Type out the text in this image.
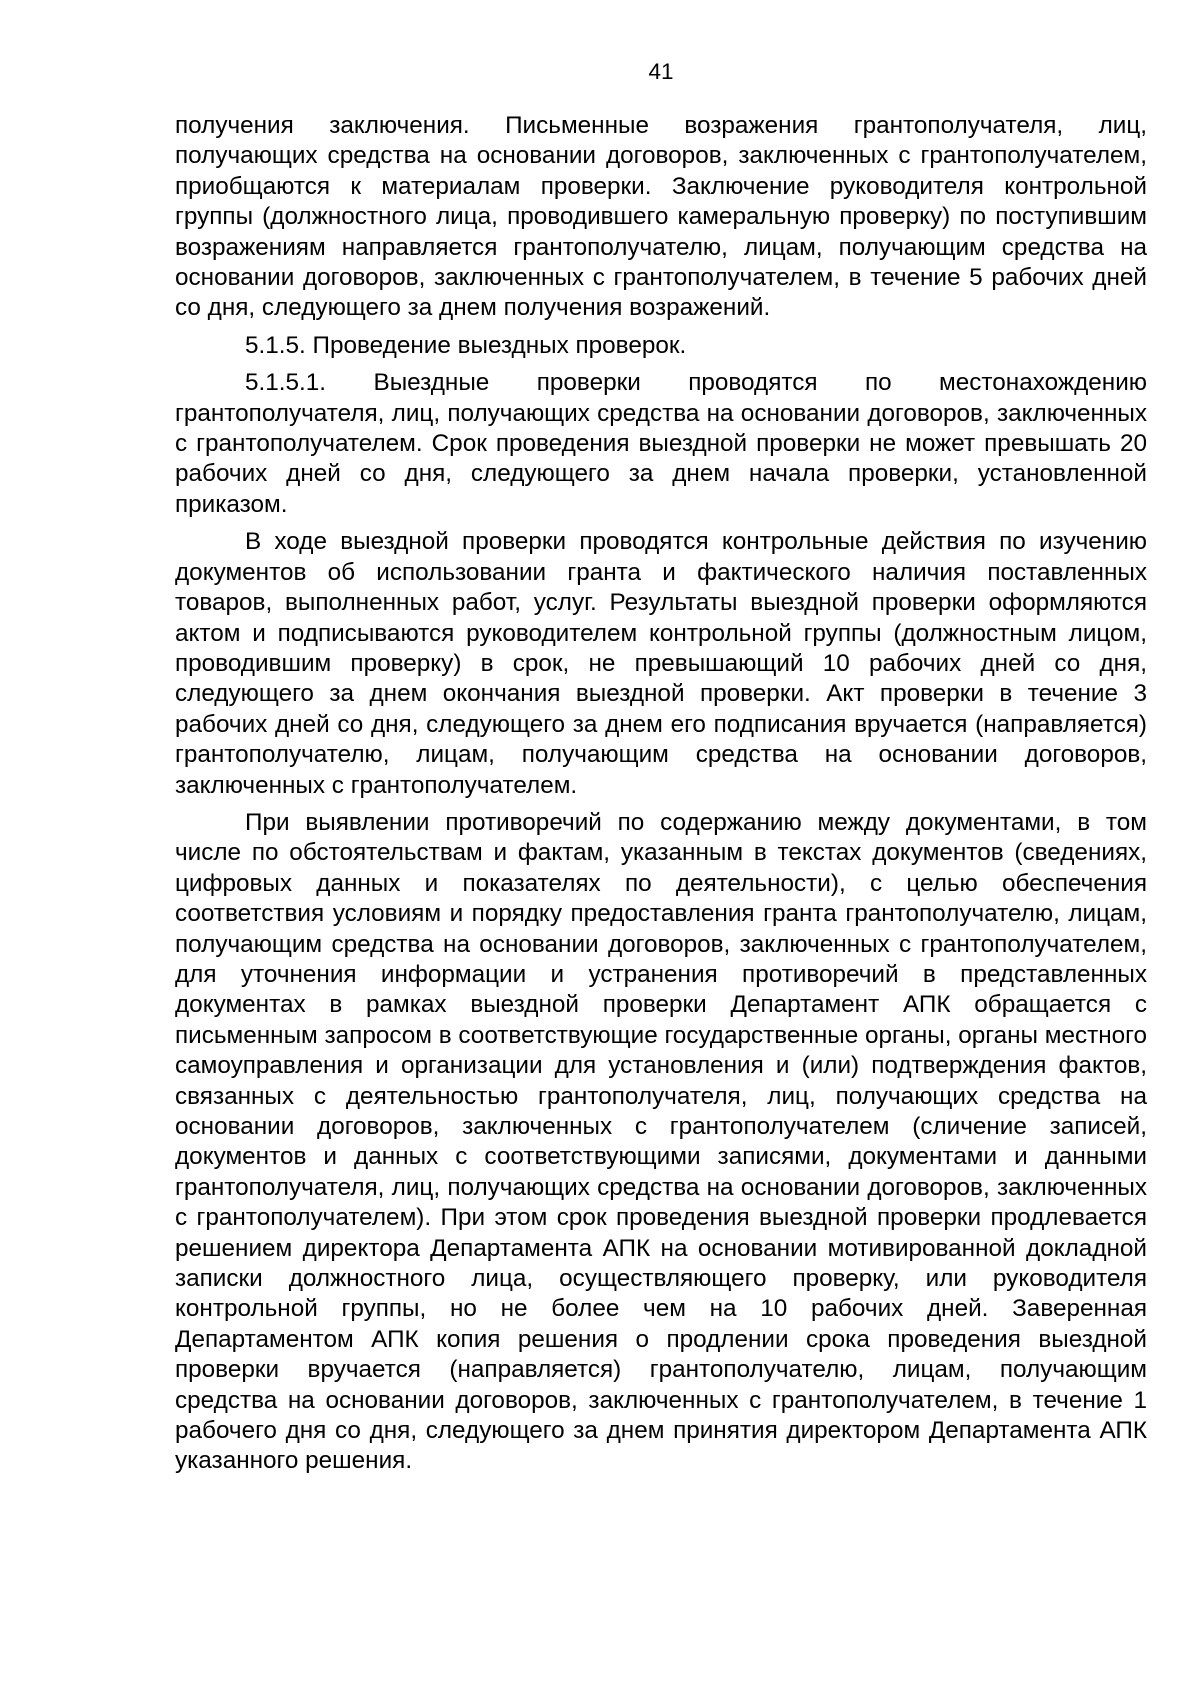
41

получения заключения. Письменные возражения грантополучателя, лиц, получающих средства на основании договоров, заключенных с грантополучателем, приобщаются к материалам проверки. Заключение руководителя контрольной группы (должностного лица, проводившего камеральную проверку) по поступившим возражениям направляется грантополучателю, лицам, получающим средства на основании договоров, заключенных с грантополучателем, в течение 5 рабочих дней со дня, следующего за днем получения возражений.

5.1.5. Проведение выездных проверок.

5.1.5.1. Выездные проверки проводятся по местонахождению грантополучателя, лиц, получающих средства на основании договоров, заключенных с грантополучателем. Срок проведения выездной проверки не может превышать 20 рабочих дней со дня, следующего за днем начала проверки, установленной приказом.

В ходе выездной проверки проводятся контрольные действия по изучению документов об использовании гранта и фактического наличия поставленных товаров, выполненных работ, услуг. Результаты выездной проверки оформляются актом и подписываются руководителем контрольной группы (должностным лицом, проводившим проверку) в срок, не превышающий 10 рабочих дней со дня, следующего за днем окончания выездной проверки. Акт проверки в течение 3 рабочих дней со дня, следующего за днем его подписания вручается (направляется) грантополучателю, лицам, получающим средства на основании договоров, заключенных с грантополучателем.

При выявлении противоречий по содержанию между документами, в том числе по обстоятельствам и фактам, указанным в текстах документов (сведениях, цифровых данных и показателях по деятельности), с целью обеспечения соответствия условиям и порядку предоставления гранта грантополучателю, лицам, получающим средства на основании договоров, заключенных с грантополучателем, для уточнения информации и устранения противоречий в представленных документах в рамках выездной проверки Департамент АПК обращается с письменным запросом в соответствующие государственные органы, органы местного самоуправления и организации для установления и (или) подтверждения фактов, связанных с деятельностью грантополучателя, лиц, получающих средства на основании договоров, заключенных с грантополучателем (сличение записей, документов и данных с соответствующими записями, документами и данными грантополучателя, лиц, получающих средства на основании договоров, заключенных с грантополучателем). При этом срок проведения выездной проверки продлевается решением директора Департамента АПК на основании мотивированной докладной записки должностного лица, осуществляющего проверку, или руководителя контрольной группы, но не более чем на 10 рабочих дней. Заверенная Департаментом АПК копия решения о продлении срока проведения выездной проверки вручается (направляется) грантополучателю, лицам, получающим средства на основании договоров, заключенных с грантополучателем, в течение 1 рабочего дня со дня, следующего за днем принятия директором Департамента АПК указанного решения.
